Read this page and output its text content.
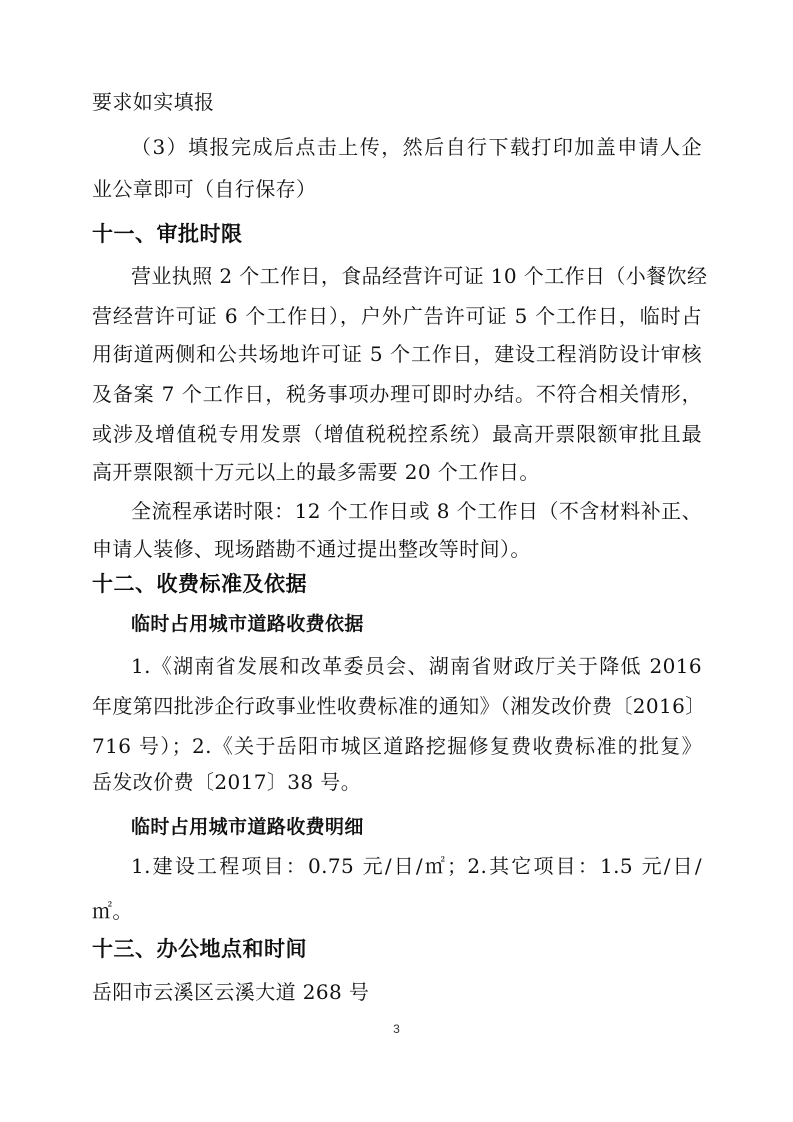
要求如实填报
（3）填报完成后点击上传，然后自行下载打印加盖申请人企
业公章即可（自行保存）
十一、审批时限
营业执照 2 个工作日，食品经营许可证 10 个工作日（小餐饮经
营经营许可证 6 个工作日），户外广告许可证 5 个工作日，临时占
用街道两侧和公共场地许可证 5 个工作日，建设工程消防设计审核
及备案 7 个工作日，税务事项办理可即时办结。不符合相关情形，
或涉及增值税专用发票（增值税税控系统）最高开票限额审批且最
高开票限额十万元以上的最多需要 20 个工作日。
全流程承诺时限：12 个工作日或 8 个工作日（不含材料补正、
申请人装修、现场踏勘不通过提出整改等时间）。
十二、收费标准及依据
临时占用城市道路收费依据
1.《湖南省发展和改革委员会、湖南省财政厅关于降低 2016
年度第四批涉企行政事业性收费标准的通知》（湘发改价费〔2016〕
716 号）；2.《关于岳阳市城区道路挖掘修复费收费标准的批复》
岳发改价费〔2017〕38 号。
临时占用城市道路收费明细
1.建设工程项目：0.75 元/日/㎡；2.其它项目：1.5 元/日/
㎡。
十三、办公地点和时间
岳阳市云溪区云溪大道 268 号
3
